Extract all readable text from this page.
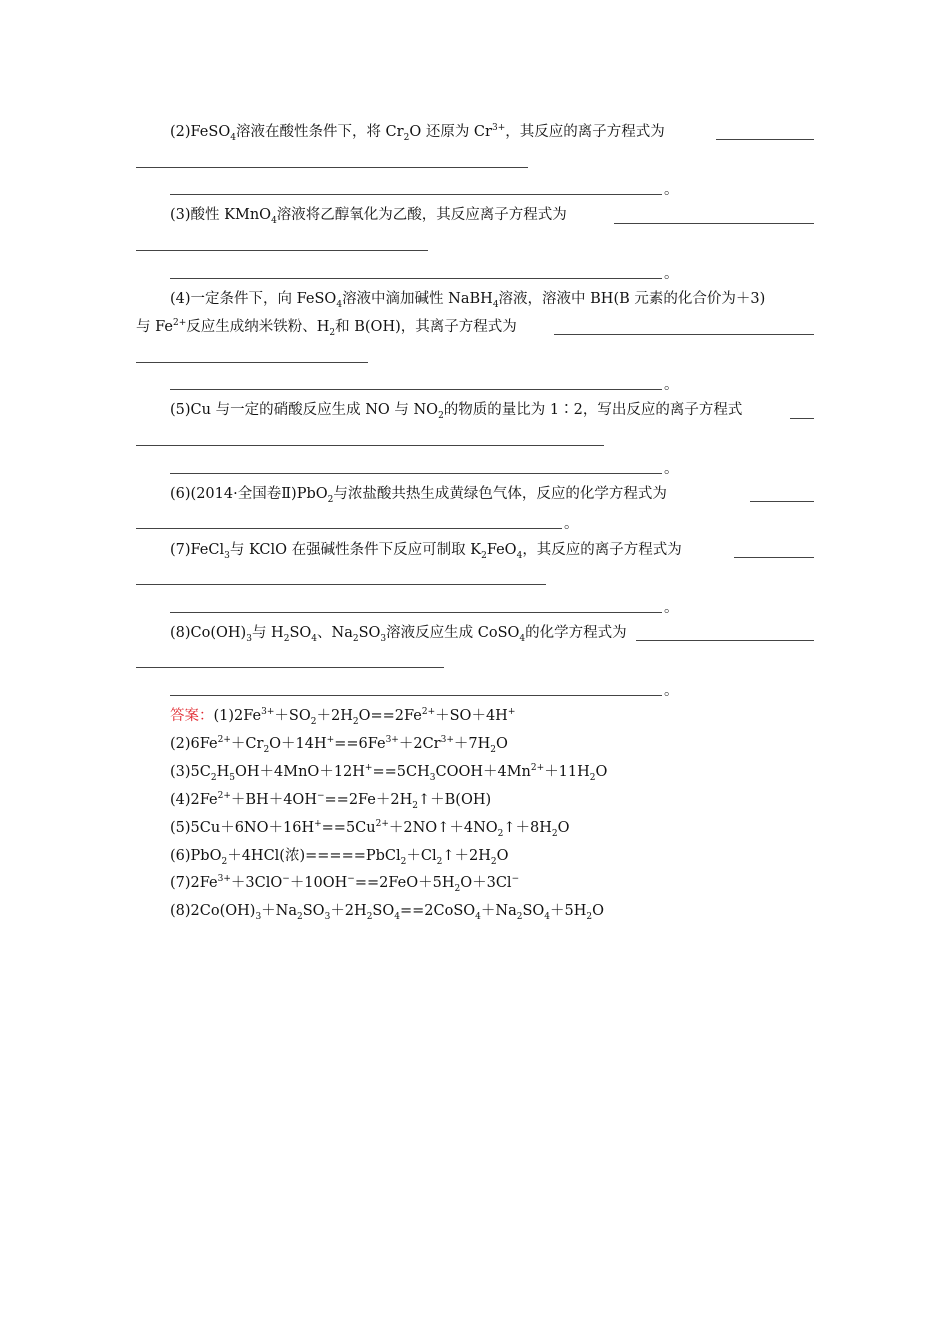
(2)FeSO$_4$溶液在酸性条件下，将 $Cr_2O$ 还原为 $Cr^{3+}$，其反应的离子方程式为
。
(3)酸性 KMnO$_4$溶液将乙醇氧化为乙酸，其反应离子方程式为
。
(4)一定条件下，向 FeSO$_4$溶液中滴加碱性 NaBH$_4$溶液，溶液中 BH(B 元素的化合价为＋3)
与 $Fe^{2+}$反应生成纳米铁粉、$H_2$和 B(OH)，其离子方程式为
。
(5)Cu 与一定的硝酸反应生成 NO 与 $NO_2$的物质的量比为 1∶2，写出反应的离子方程式
。
(6)(2014·全国卷Ⅱ)PbO$_2$与浓盐酸共热生成黄绿色气体，反应的化学方程式为
。
(7)FeCl$_3$与 KClO 在强碱性条件下反应可制取 $K_2FeO_4$，其反应的离子方程式为
。
$(8)Co(OH)_3$与 $H_2SO_4$、$Na_2SO_3$溶液反应生成 CoSO$_4$的化学方程式为
。
答案：$(1)2Fe^{3+}+SO_2+2H_2O==2Fe^{2+}+SO+4H^+$
$(2)6Fe^{2+}+Cr_2O+14H^+==6Fe^{3+}+2Cr^{3+}+7H_2O$
$(3)5C_2H_5OH+4MnO+12H^+==5CH_3COOH+4Mn^{2+}+11H_2O$
$(4)2Fe^{2+}+BH+4OH^-==2Fe+2H_2↑+B(OH)$
$(5)5Cu+6NO+16H^+==5Cu^{2+}+2NO↑+4NO_2↑+8H_2O$
(6)PbO$_2$＋4HCl(浓)$=====PbCl_2+Cl_2↑+2H_2O$
$(7)2Fe^{3+}+3ClO^-+10OH^-==2FeO+5H_2O+3Cl^-$
$(8)2Co(OH)_3+Na_2SO_3+2H_2SO_4==2CoSO_4+Na_2SO_4+5H_2O$
